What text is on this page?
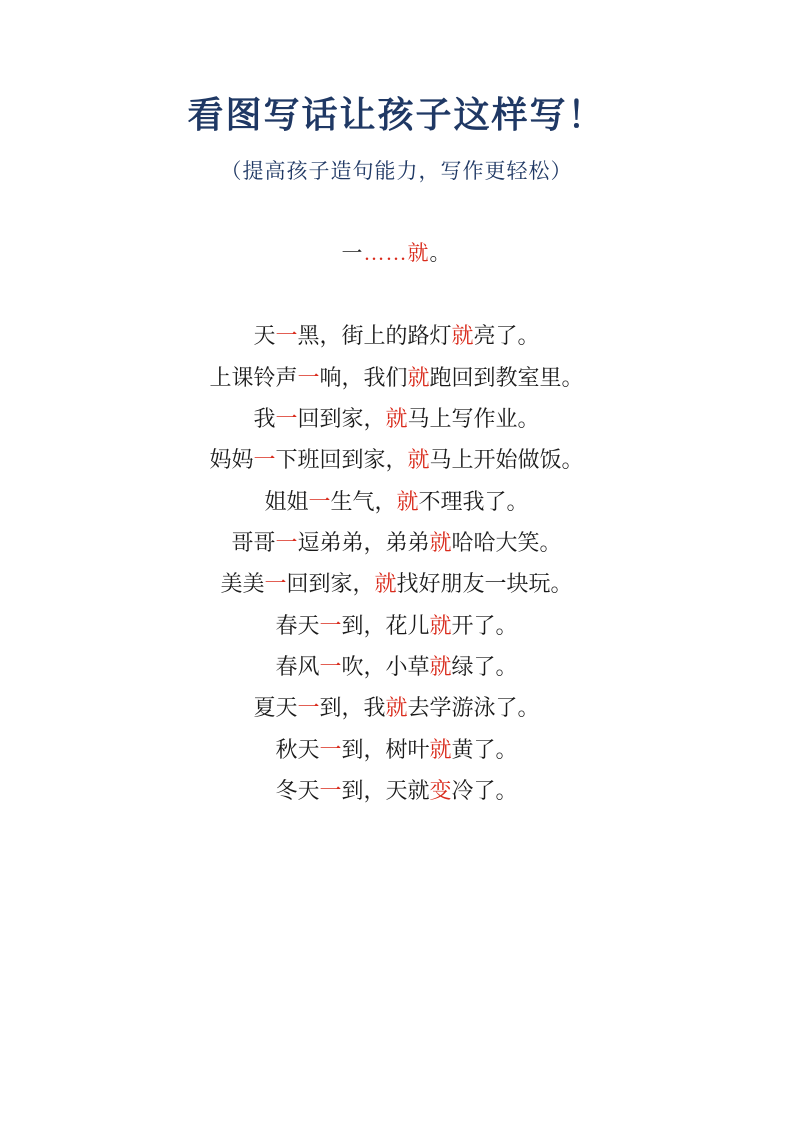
看图写话让孩子这样写！
（提高孩子造句能力，写作更轻松）
一……就。
天一黑，街上的路灯就亮了。
上课铃声一响，我们就跑回到教室里。
我一回到家，就马上写作业。
妈妈一下班回到家，就马上开始做饭。
姐姐一生气，就不理我了。
哥哥一逗弟弟，弟弟就哈哈大笑。
美美一回到家，就找好朋友一块玩。
春天一到，花儿就开了。
春风一吹，小草就绿了。
夏天一到，我就去学游泳了。
秋天一到，树叶就黄了。
冬天一到，天就变冷了。
